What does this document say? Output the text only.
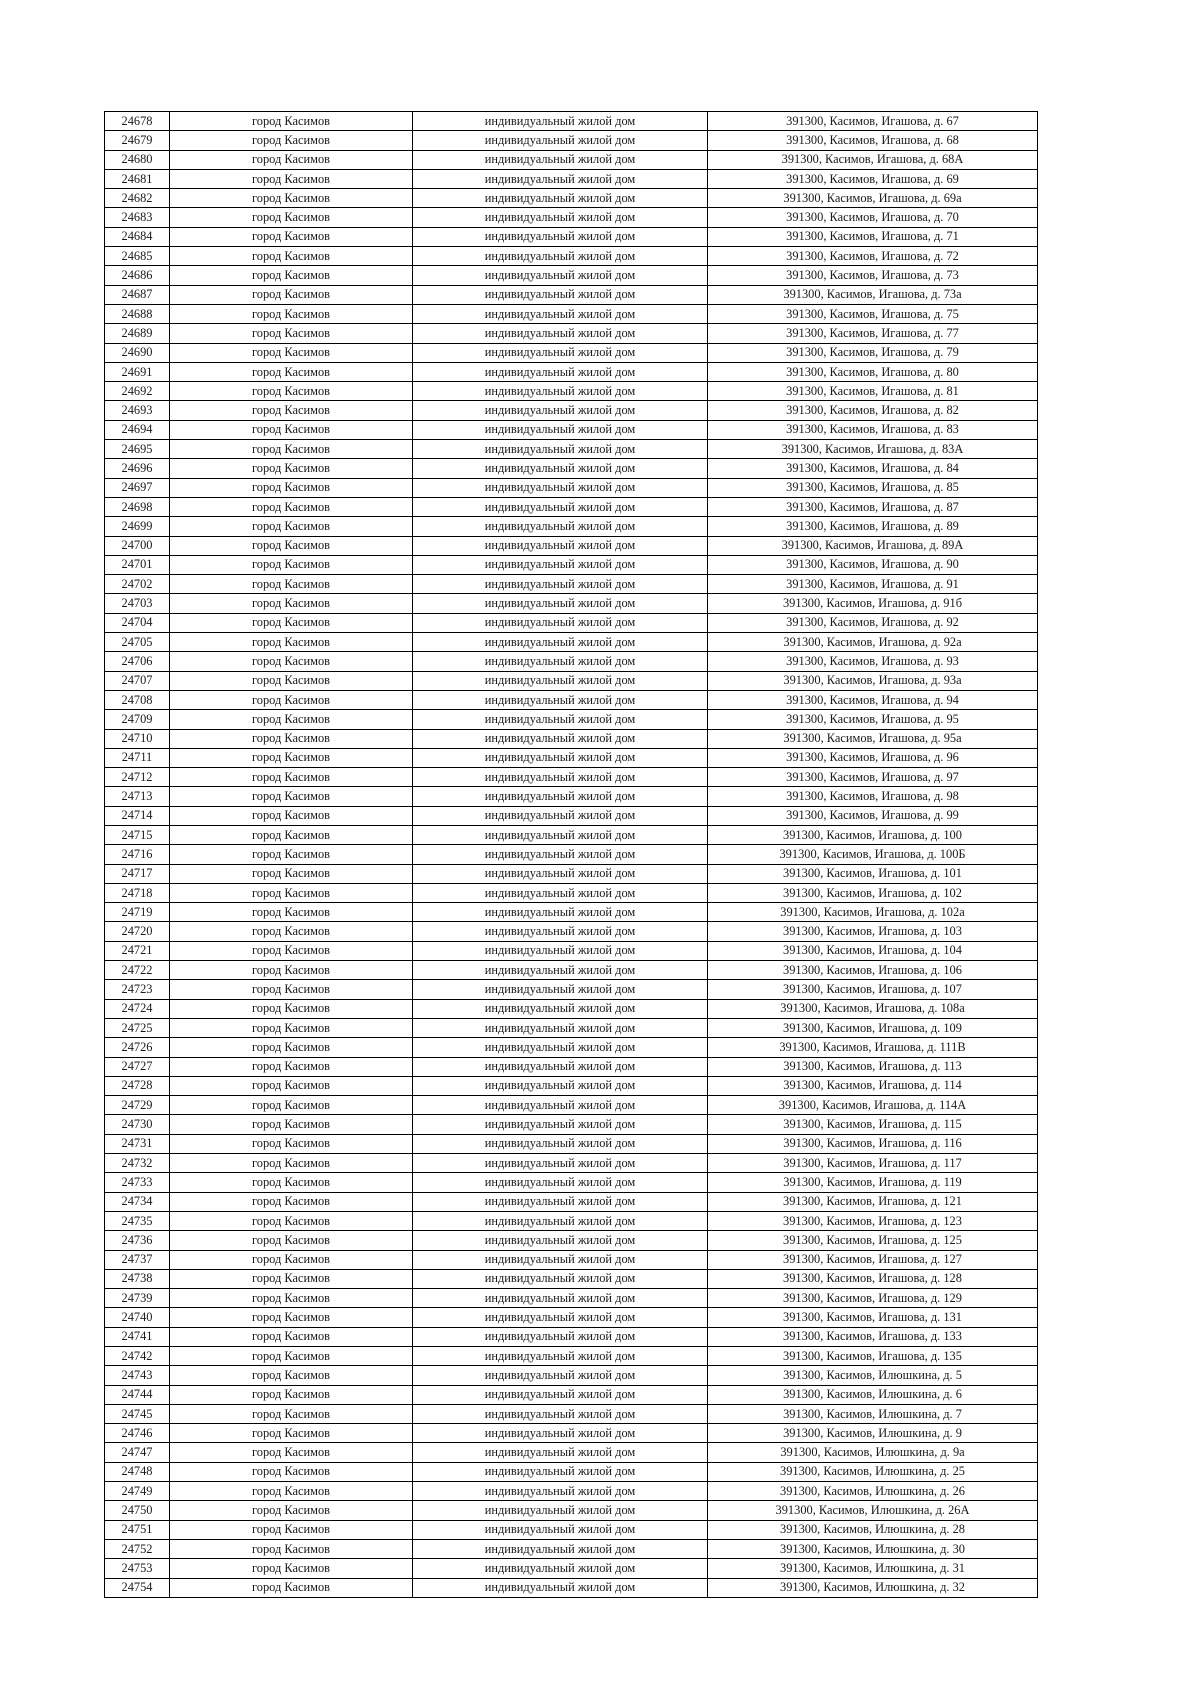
24678	город Касимов	индивидуальный жилой дом	391300, Касимов, Игашова, д. 67
24679	город Касимов	индивидуальный жилой дом	391300, Касимов, Игашова, д. 68
24680	город Касимов	индивидуальный жилой дом	391300, Касимов, Игашова, д. 68А
24681	город Касимов	индивидуальный жилой дом	391300, Касимов, Игашова, д. 69
24682	город Касимов	индивидуальный жилой дом	391300, Касимов, Игашова, д. 69а
24683	город Касимов	индивидуальный жилой дом	391300, Касимов, Игашова, д. 70
24684	город Касимов	индивидуальный жилой дом	391300, Касимов, Игашова, д. 71
24685	город Касимов	индивидуальный жилой дом	391300, Касимов, Игашова, д. 72
24686	город Касимов	индивидуальный жилой дом	391300, Касимов, Игашова, д. 73
24687	город Касимов	индивидуальный жилой дом	391300, Касимов, Игашова, д. 73а
24688	город Касимов	индивидуальный жилой дом	391300, Касимов, Игашова, д. 75
24689	город Касимов	индивидуальный жилой дом	391300, Касимов, Игашова, д. 77
24690	город Касимов	индивидуальный жилой дом	391300, Касимов, Игашова, д. 79
24691	город Касимов	индивидуальный жилой дом	391300, Касимов, Игашова, д. 80
24692	город Касимов	индивидуальный жилой дом	391300, Касимов, Игашова, д. 81
24693	город Касимов	индивидуальный жилой дом	391300, Касимов, Игашова, д. 82
24694	город Касимов	индивидуальный жилой дом	391300, Касимов, Игашова, д. 83
24695	город Касимов	индивидуальный жилой дом	391300, Касимов, Игашова, д. 83А
24696	город Касимов	индивидуальный жилой дом	391300, Касимов, Игашова, д. 84
24697	город Касимов	индивидуальный жилой дом	391300, Касимов, Игашова, д. 85
24698	город Касимов	индивидуальный жилой дом	391300, Касимов, Игашова, д. 87
24699	город Касимов	индивидуальный жилой дом	391300, Касимов, Игашова, д. 89
24700	город Касимов	индивидуальный жилой дом	391300, Касимов, Игашова, д. 89А
24701	город Касимов	индивидуальный жилой дом	391300, Касимов, Игашова, д. 90
24702	город Касимов	индивидуальный жилой дом	391300, Касимов, Игашова, д. 91
24703	город Касимов	индивидуальный жилой дом	391300, Касимов, Игашова, д. 91б
24704	город Касимов	индивидуальный жилой дом	391300, Касимов, Игашова, д. 92
24705	город Касимов	индивидуальный жилой дом	391300, Касимов, Игашова, д. 92а
24706	город Касимов	индивидуальный жилой дом	391300, Касимов, Игашова, д. 93
24707	город Касимов	индивидуальный жилой дом	391300, Касимов, Игашова, д. 93а
24708	город Касимов	индивидуальный жилой дом	391300, Касимов, Игашова, д. 94
24709	город Касимов	индивидуальный жилой дом	391300, Касимов, Игашова, д. 95
24710	город Касимов	индивидуальный жилой дом	391300, Касимов, Игашова, д. 95а
24711	город Касимов	индивидуальный жилой дом	391300, Касимов, Игашова, д. 96
24712	город Касимов	индивидуальный жилой дом	391300, Касимов, Игашова, д. 97
24713	город Касимов	индивидуальный жилой дом	391300, Касимов, Игашова, д. 98
24714	город Касимов	индивидуальный жилой дом	391300, Касимов, Игашова, д. 99
24715	город Касимов	индивидуальный жилой дом	391300, Касимов, Игашова, д. 100
24716	город Касимов	индивидуальный жилой дом	391300, Касимов, Игашова, д. 100Б
24717	город Касимов	индивидуальный жилой дом	391300, Касимов, Игашова, д. 101
24718	город Касимов	индивидуальный жилой дом	391300, Касимов, Игашова, д. 102
24719	город Касимов	индивидуальный жилой дом	391300, Касимов, Игашова, д. 102а
24720	город Касимов	индивидуальный жилой дом	391300, Касимов, Игашова, д. 103
24721	город Касимов	индивидуальный жилой дом	391300, Касимов, Игашова, д. 104
24722	город Касимов	индивидуальный жилой дом	391300, Касимов, Игашова, д. 106
24723	город Касимов	индивидуальный жилой дом	391300, Касимов, Игашова, д. 107
24724	город Касимов	индивидуальный жилой дом	391300, Касимов, Игашова, д. 108а
24725	город Касимов	индивидуальный жилой дом	391300, Касимов, Игашова, д. 109
24726	город Касимов	индивидуальный жилой дом	391300, Касимов, Игашова, д. 111В
24727	город Касимов	индивидуальный жилой дом	391300, Касимов, Игашова, д. 113
24728	город Касимов	индивидуальный жилой дом	391300, Касимов, Игашова, д. 114
24729	город Касимов	индивидуальный жилой дом	391300, Касимов, Игашова, д. 114А
24730	город Касимов	индивидуальный жилой дом	391300, Касимов, Игашова, д. 115
24731	город Касимов	индивидуальный жилой дом	391300, Касимов, Игашова, д. 116
24732	город Касимов	индивидуальный жилой дом	391300, Касимов, Игашова, д. 117
24733	город Касимов	индивидуальный жилой дом	391300, Касимов, Игашова, д. 119
24734	город Касимов	индивидуальный жилой дом	391300, Касимов, Игашова, д. 121
24735	город Касимов	индивидуальный жилой дом	391300, Касимов, Игашова, д. 123
24736	город Касимов	индивидуальный жилой дом	391300, Касимов, Игашова, д. 125
24737	город Касимов	индивидуальный жилой дом	391300, Касимов, Игашова, д. 127
24738	город Касимов	индивидуальный жилой дом	391300, Касимов, Игашова, д. 128
24739	город Касимов	индивидуальный жилой дом	391300, Касимов, Игашова, д. 129
24740	город Касимов	индивидуальный жилой дом	391300, Касимов, Игашова, д. 131
24741	город Касимов	индивидуальный жилой дом	391300, Касимов, Игашова, д. 133
24742	город Касимов	индивидуальный жилой дом	391300, Касимов, Игашова, д. 135
24743	город Касимов	индивидуальный жилой дом	391300, Касимов, Илюшкина, д. 5
24744	город Касимов	индивидуальный жилой дом	391300, Касимов, Илюшкина, д. 6
24745	город Касимов	индивидуальный жилой дом	391300, Касимов, Илюшкина, д. 7
24746	город Касимов	индивидуальный жилой дом	391300, Касимов, Илюшкина, д. 9
24747	город Касимов	индивидуальный жилой дом	391300, Касимов, Илюшкина, д. 9а
24748	город Касимов	индивидуальный жилой дом	391300, Касимов, Илюшкина, д. 25
24749	город Касимов	индивидуальный жилой дом	391300, Касимов, Илюшкина, д. 26
24750	город Касимов	индивидуальный жилой дом	391300, Касимов, Илюшкина, д. 26А
24751	город Касимов	индивидуальный жилой дом	391300, Касимов, Илюшкина, д. 28
24752	город Касимов	индивидуальный жилой дом	391300, Касимов, Илюшкина, д. 30
24753	город Касимов	индивидуальный жилой дом	391300, Касимов, Илюшкина, д. 31
24754	город Касимов	индивидуальный жилой дом	391300, Касимов, Илюшкина, д. 32
